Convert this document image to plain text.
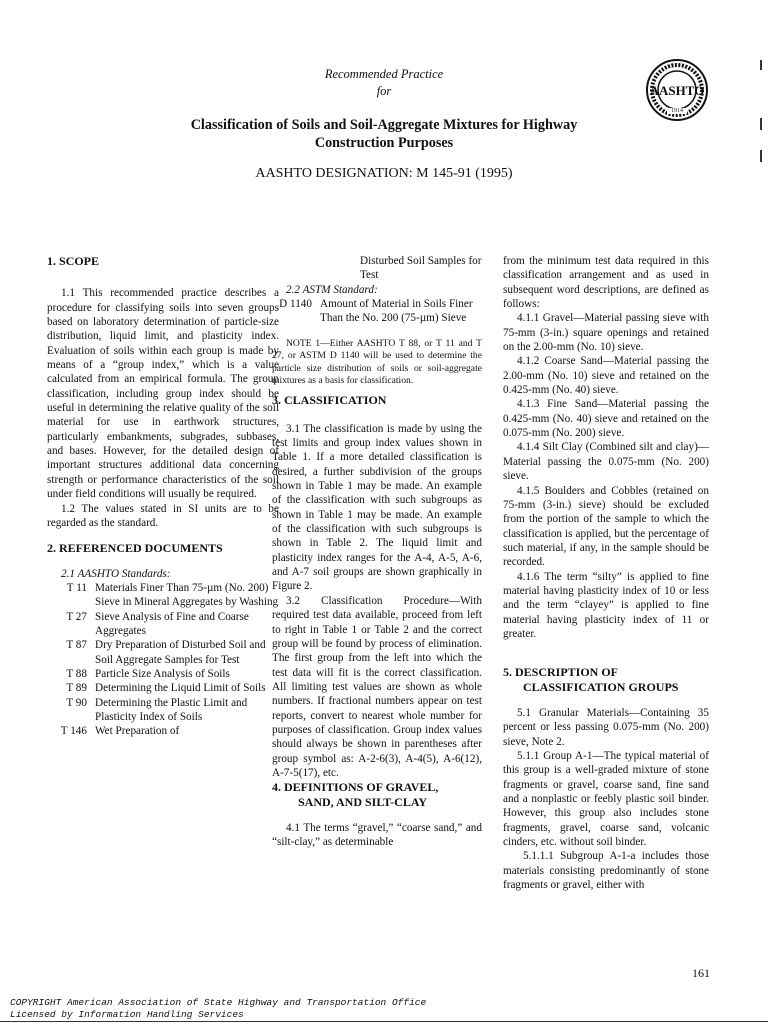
Recommended Practice
for	AASHTO
1914
Classification of Soils and Soil-Aggregate Mixtures for Highway
Construction Purposes
AASHTO DESIGNATION: M 145-91 (1995)

1. SCOPE

1.1 This recommended practice describes a procedure for classifying soils into seven groups based on laboratory determination of particle-size distribution, liquid limit, and plasticity index. Evaluation of soils within each group is made by means of a “group index,” which is a value calculated from an empirical formula. The group classification, including group index should be useful in determining the relative quality of the soil material for use in earthwork structures, particularly embankments, subgrades, subbases, and bases. However, for the detailed design of important structures additional data concerning strength or performance characteristics of the soil under field conditions will usually be required.

1.2 The values stated in SI units are to be regarded as the standard.

2. REFERENCED DOCUMENTS

2.1 AASHTO Standards:

T 11 Materials Finer Than 75-µm (No. 200) Sieve in Mineral Aggregates by Washing
T 27 Sieve Analysis of Fine and Coarse Aggregates
T 87 Dry Preparation of Disturbed Soil and Soil Aggregate Samples for Test
T 88 Particle Size Analysis of Soils
T 89 Determining the Liquid Limit of Soils
T 90 Determining the Plastic Limit and Plasticity Index of Soils
T 146 Wet Preparation of
Disturbed Soil Samples for Test

2.2 ASTM Standard:

D 1140 Amount of Material in Soils Finer Than the No. 200 (75-µm) Sieve

NOTE 1—Either AASHTO T 88, or T 11 and T 27, or ASTM D 1140 will be used to determine the particle size distribution of soils or soil-aggregate mixtures as a basis for classification.

3. CLASSIFICATION

3.1 The classification is made by using the test limits and group index values shown in Table 1. If a more detailed classification is desired, a further subdivision of the groups shown in Table 1 may be made. An example of the classification with such subgroups as shown in Table 1 may be made. An example of the classification with such subgroups is shown in Table 2. The liquid limit and plasticity index ranges for the A-4, A-5, A-6, and A-7 soil groups are shown graphically in Figure 2.

3.2 Classification Procedure—With required test data available, proceed from left to right in Table 1 or Table 2 and the correct group will be found by process of elimination. The first group from the left into which the test data will fit is the correct classification. All limiting test values are shown as whole numbers. If fractional numbers appear on test reports, convert to nearest whole number for purposes of classification. Group index values should always be shown in parentheses after group symbol as: A-2-6(3), A-4(5), A-6(12), A-7-5(17), etc.

4. DEFINITIONS OF GRAVEL,
SAND, AND SILT-CLAY

4.1 The terms “gravel,” “coarse sand,” and “silt-clay,” as determinable

from the minimum test data required in this classification arrangement and as used in subsequent word descriptions, are defined as follows:

4.1.1 Gravel—Material passing sieve with 75-mm (3-in.) square openings and retained on the 2.00-mm (No. 10) sieve.

4.1.2 Coarse Sand—Material passing the 2.00-mm (No. 10) sieve and retained on the 0.425-mm (No. 40) sieve.

4.1.3 Fine Sand—Material passing the 0.425-mm (No. 40) sieve and retained on the 0.075-mm (No. 200) sieve.

4.1.4 Silt Clay (Combined silt and clay)—Material passing the 0.075-mm (No. 200) sieve.

4.1.5 Boulders and Cobbles (retained on 75-mm (3-in.) sieve) should be excluded from the portion of the sample to which the classification is applied, but the percentage of such material, if any, in the sample should be recorded.

4.1.6 The term “silty” is applied to fine material having plasticity index of 10 or less and the term “clayey” is applied to fine material having plasticity index of 11 or greater.

5. DESCRIPTION OF
CLASSIFICATION GROUPS

5.1 Granular Materials—Containing 35 percent or less passing 0.075-mm (No. 200) sieve, Note 2.

5.1.1 Group A-1—The typical material of this group is a well-graded mixture of stone fragments or gravel, coarse sand, fine sand and a nonplastic or feebly plastic soil binder. However, this group also includes stone fragments, gravel, coarse sand, volcanic cinders, etc. without soil binder.

5.1.1.1 Subgroup A-1-a includes those materials consisting predominantly of stone fragments or gravel, either with

161
COPYRIGHT American Association of State Highway and Transportation Office
Licensed by Information Handling Services
